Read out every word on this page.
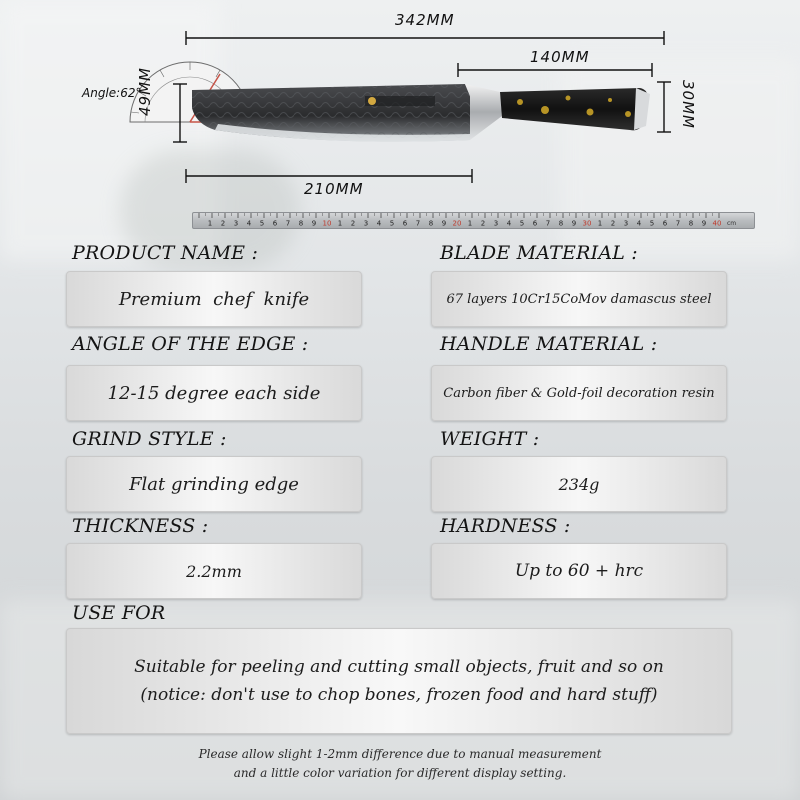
342MM
140MM
210MM
49MM	30MM
Angle:62°
1 2 3 4 5 6 7 8 9 10 1 2 3 4 5 6 7 8 9 20 1 2 3 4 5 6 7 8 9 30 1 2 3 4 5 6 7 8 9 40 cm
PRODUCT NAME :	BLADE MATERIAL :
Premium  chef  knife	67 layers 10Cr15CoMov damascus steel
ANGLE OF THE EDGE :	HANDLE MATERIAL :
12-15 degree each side	Carbon fiber & Gold-foil decoration resin
GRIND STYLE :	WEIGHT :
Flat grinding edge	234g
THICKNESS :	HARDNESS :
2.2mm	Up to 60 + hrc
USE FOR
Suitable for peeling and cutting small objects, fruit and so on
(notice: don't use to chop bones, frozen food and hard stuff)
Please allow slight 1-2mm difference due to manual measurement
and a little color variation for different display setting.
